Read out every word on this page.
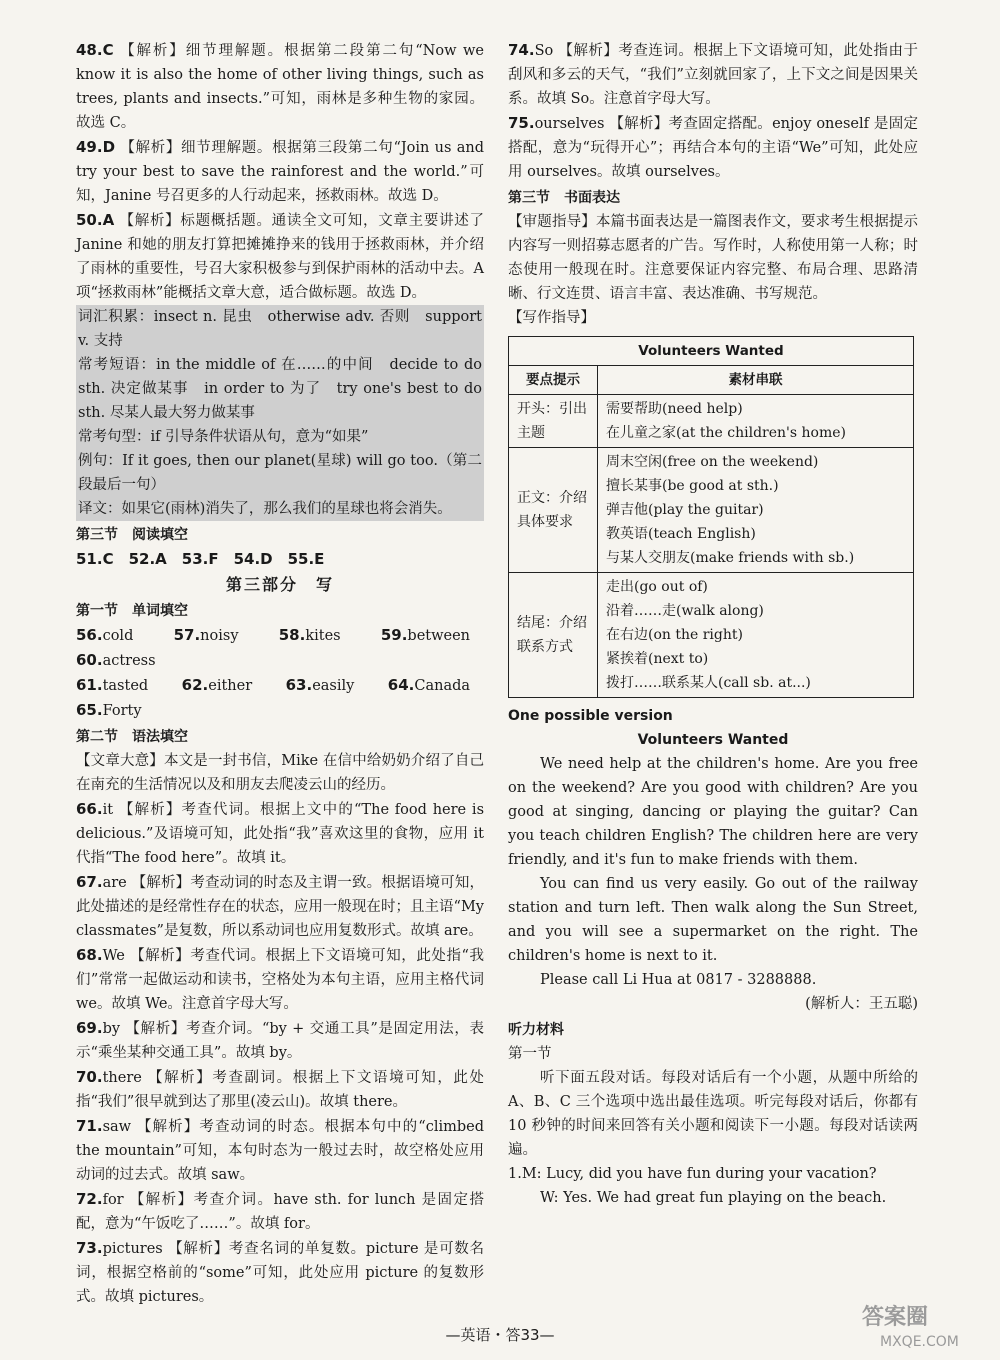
48.C 【解析】细节理解题。根据第二段第二句“Now we know it is also the home of other living things, such as trees, plants and insects.”可知，雨林是多种生物的家园。故选 C。

49.D 【解析】细节理解题。根据第三段第二句“Join us and try your best to save the rainforest and the world.”可知，Janine 号召更多的人行动起来，拯救雨林。故选 D。

50.A 【解析】标题概括题。通读全文可知，文章主要讲述了 Janine 和她的朋友打算把摊摊挣来的钱用于拯救雨林，并介绍了雨林的重要性，号召大家积极参与到保护雨林的活动中去。A 项“拯救雨林”能概括文章大意，适合做标题。故选 D。

词汇积累：insect n. 昆虫　otherwise adv. 否则　support v. 支持

常考短语：in the middle of 在……的中间　decide to do sth. 决定做某事　in order to 为了　try one's best to do sth. 尽某人最大努力做某事

常考句型：if 引导条件状语从句，意为“如果”

例句：If it goes, then our planet(星球) will go too.（第二段最后一句）

译文：如果它(雨林)消失了，那么我们的星球也将会消失。

第三节　阅读填空

51.C　52.A　53.F　54.D　55.E

第三部分　写

第一节　单词填空

56.cold	57.noisy	58.kites	59.between 60.actress

61.tasted 62.either 63.easily 64.Canada 65.Forty

第二节　语法填空

【文章大意】本文是一封书信，Mike 在信中给奶奶介绍了自己在南充的生活情况以及和朋友去爬凌云山的经历。

66.it 【解析】考查代词。根据上文中的“The food here is delicious.”及语境可知，此处指“我”喜欢这里的食物，应用 it 代指“The food here”。故填 it。

67.are 【解析】考查动词的时态及主谓一致。根据语境可知，此处描述的是经常性存在的状态，应用一般现在时；且主语“My classmates”是复数，所以系动词也应用复数形式。故填 are。

68.We 【解析】考查代词。根据上下文语境可知，此处指“我们”常常一起做运动和读书，空格处为本句主语，应用主格代词 we。故填 We。注意首字母大写。

69.by 【解析】考查介词。“by + 交通工具”是固定用法，表示“乘坐某种交通工具”。故填 by。

70.there 【解析】考查副词。根据上下文语境可知，此处指“我们”很早就到达了那里(凌云山)。故填 there。

71.saw 【解析】考查动词的时态。根据本句中的“climbed the mountain”可知，本句时态为一般过去时，故空格处应用动词的过去式。故填 saw。

72.for 【解析】考查介词。have sth. for lunch 是固定搭配，意为“午饭吃了……”。故填 for。

73.pictures 【解析】考查名词的单复数。picture 是可数名词，根据空格前的“some”可知，此处应用 picture 的复数形式。故填 pictures。

74.So 【解析】考查连词。根据上下文语境可知，此处指由于刮风和多云的天气，“我们”立刻就回家了，上下文之间是因果关系。故填 So。注意首字母大写。

75.ourselves 【解析】考查固定搭配。enjoy oneself 是固定搭配，意为“玩得开心”；再结合本句的主语“We”可知，此处应用 ourselves。故填 ourselves。

第三节　书面表达

【审题指导】本篇书面表达是一篇图表作文，要求考生根据提示内容写一则招募志愿者的广告。写作时，人称使用第一人称；时态使用一般现在时。注意要保证内容完整、布局合理、思路清晰、行文连贯、语言丰富、表达准确、书写规范。

【写作指导】

Volunteers Wanted	
要点提示	素材串联
开头：引出主题	需要帮助(need help)
在儿童之家(at the children's home)

正文：介绍具体要求	周末空闲(free on the weekend)
擅长某事(be good at sth.)
弹吉他(play the guitar)
教英语(teach English)
与某人交朋友(make friends with sb.)

结尾：介绍联系方式	走出(go out of)
沿着……走(walk along)
在右边(on the right)
紧挨着(next to)
拨打……联系某人(call sb. at...)

One possible version

Volunteers Wanted

We need help at the children's home. Are you free on the weekend? Are you good with children? Are you good at singing, dancing or playing the guitar? Can you teach children English? The children here are very friendly, and it's fun to make friends with them.

You can find us very easily. Go out of the railway station and turn left. Then walk along the Sun Street, and you will see a supermarket on the right. The children's home is next to it.

Please call Li Hua at 0817 - 3288888.

(解析人：王五聪)

听力材料

第一节

听下面五段对话。每段对话后有一个小题，从题中所给的 A、B、C 三个选项中选出最佳选项。听完每段对话后，你都有 10 秒钟的时间来回答有关小题和阅读下一小题。每段对话读两遍。

1.M: Lucy, did you have fun during your vacation?

W: Yes. We had great fun playing on the beach.

—英语・答33—
答案圈
MXQE.COM
